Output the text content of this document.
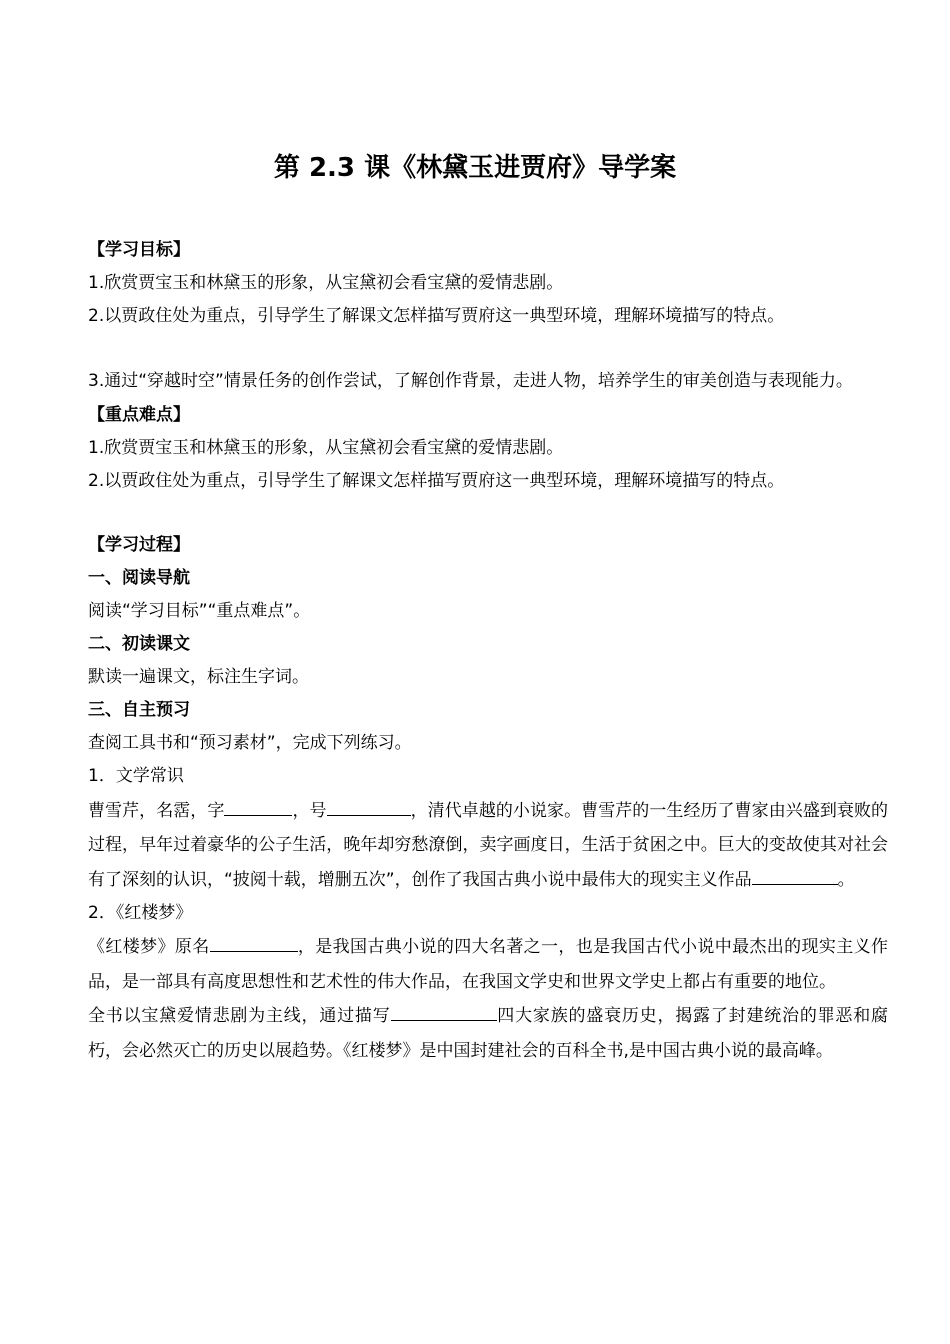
第 2.3 课《林黛玉进贾府》导学案
【学习目标】
1.欣赏贾宝玉和林黛玉的形象，从宝黛初会看宝黛的爱情悲剧。
2.以贾政住处为重点，引导学生了解课文怎样描写贾府这一典型环境，理解环境描写的特点。
3.通过“穿越时空”情景任务的创作尝试，了解创作背景，走进人物，培养学生的审美创造与表现能力。
【重点难点】
1.欣赏贾宝玉和林黛玉的形象，从宝黛初会看宝黛的爱情悲剧。
2.以贾政住处为重点，引导学生了解课文怎样描写贾府这一典型环境，理解环境描写的特点。
【学习过程】
一、阅读导航
阅读“学习目标”“重点难点”。
二、初读课文
默读一遍课文，标注生字词。
三、自主预习
查阅工具书和“预习素材”，完成下列练习。
1．文学常识
曹雪芹，名霑，字	，号	，清代卓越的小说家。曹雪芹的一生经历了曹家由兴盛到衰败的过程，早年过着豪华的公子生活，晚年却穷愁潦倒，卖字画度日，生活于贫困之中。巨大的变故使其对社会有了深刻的认识，“披阅十载，增删五次”，创作了我国古典小说中最伟大的现实主义作品	。
2．《红楼梦》
《红楼梦》原名	，是我国古典小说的四大名著之一，也是我国古代小说中最杰出的现实主义作品，是一部具有高度思想性和艺术性的伟大作品，在我国文学史和世界文学史上都占有重要的地位。
全书以宝黛爱情悲剧为主线，通过描写	四大家族的盛衰历史，揭露了封建统治的罪恶和腐朽，会必然灭亡的历史以展趋势。《红楼梦》是中国封建社会的百科全书,是中国古典小说的最高峰。
